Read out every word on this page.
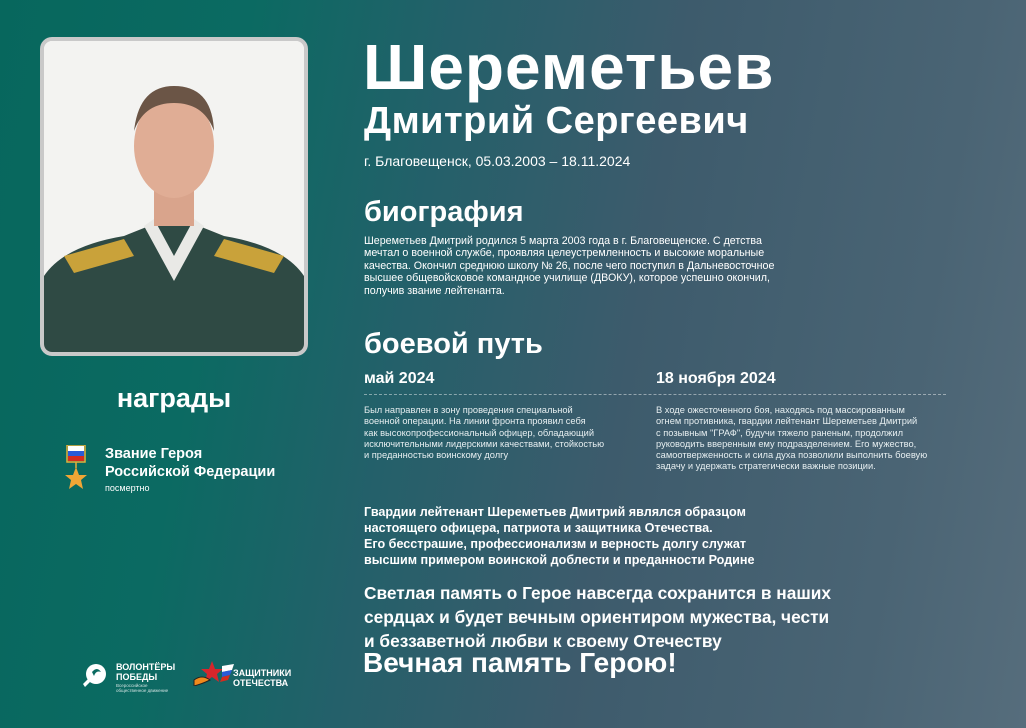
Шереметьев
Дмитрий Сергеевич
г. Благовещенск, 05.03.2003 – 18.11.2024
биография
Шереметьев Дмитрий родился 5 марта 2003 года в г. Благовещенске. С детства
мечтал о военной службе, проявляя целеустремленность и высокие моральные
качества. Окончил среднюю школу № 26, после чего поступил в Дальневосточное
высшее общевойсковое командное училище (ДВОКУ), которое успешно окончил,
получив звание лейтенанта.
боевой путь
май 2024	18 ноября 2024
Был направлен в зону проведения специальной
военной операции. На линии фронта проявил себя
как высокопрофессиональный офицер, обладающий
исключительными лидерскими качествами, стойкостью
и преданностью воинскому долгу
В ходе ожесточенного боя, находясь под массированным
огнем противника, гвардии лейтенант Шереметьев Дмитрий
с позывным "ГРАФ", будучи тяжело раненым, продолжил
руководить вверенным ему подразделением. Его мужество,
самоотверженность и сила духа позволили выполнить боевую
задачу и удержать стратегически важные позиции.
Гвардии лейтенант Шереметьев Дмитрий являлся образцом
настоящего офицера, патриота и защитника Отечества.
Его бесстрашие, профессионализм и верность долгу служат
высшим примером воинской доблести и преданности Родине
Светлая память о Герое навсегда сохранится в наших
сердцах и будет вечным ориентиром мужества, чести
и беззаветной любви к своему Отечеству
Вечная память Герою!
награды
Звание Героя
Российской Федерации
посмертно
ВОЛОНТЁРЫ
ПОБЕДЫ
Всероссийское
общественное движение
ЗАЩИТНИКИ
ОТЕЧЕСТВА
